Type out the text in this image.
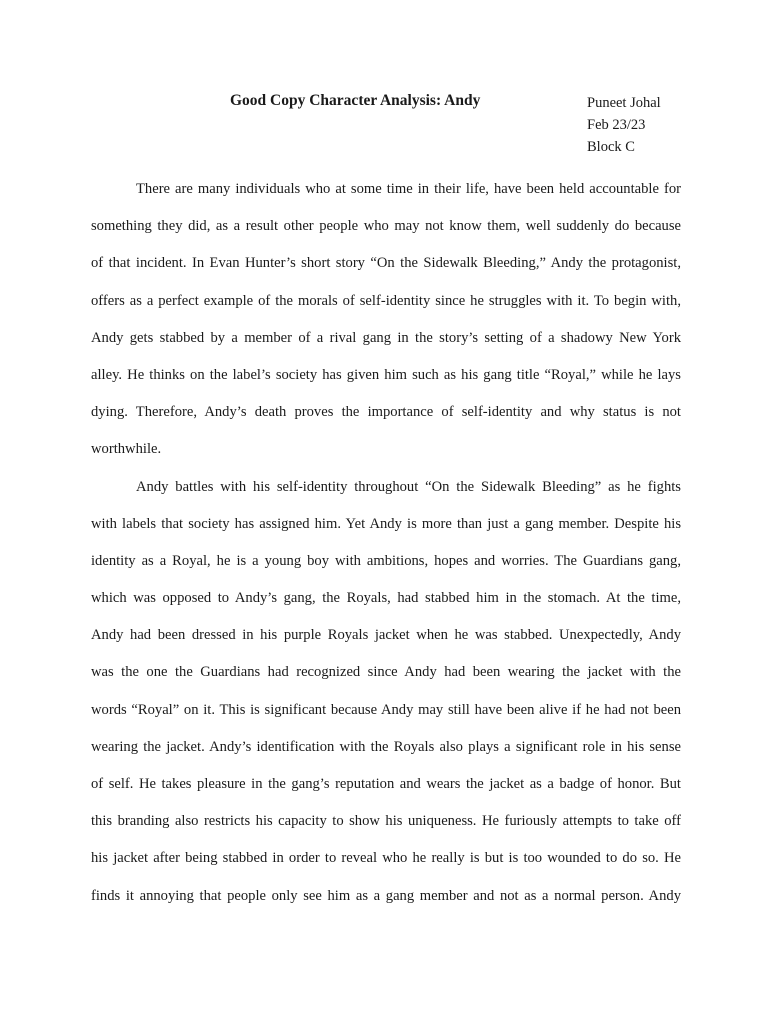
Good Copy Character Analysis: Andy	Puneet Johal
Feb 23/23
Block C
There are many individuals who at some time in their life, have been held accountable for
something they did, as a result other people who may not know them, well suddenly do because
of that incident. In Evan Hunter’s short story “On the Sidewalk Bleeding,” Andy the protagonist,
offers as a perfect example of the morals of self-identity since he struggles with it. To begin with,
Andy gets stabbed by a member of a rival gang in the story’s setting of a shadowy New York
alley. He thinks on the label’s society has given him such as his gang title “Royal,” while he lays
dying. Therefore, Andy’s death proves the importance of self-identity and why status is not
worthwhile.
Andy battles with his self-identity throughout “On the Sidewalk Bleeding” as he fights
with labels that society has assigned him. Yet Andy is more than just a gang member. Despite his
identity as a Royal, he is a young boy with ambitions, hopes and worries. The Guardians gang,
which was opposed to Andy’s gang, the Royals, had stabbed him in the stomach. At the time,
Andy had been dressed in his purple Royals jacket when he was stabbed. Unexpectedly, Andy
was the one the Guardians had recognized since Andy had been wearing the jacket with the
words “Royal” on it. This is significant because Andy may still have been alive if he had not been
wearing the jacket. Andy’s identification with the Royals also plays a significant role in his sense
of self. He takes pleasure in the gang’s reputation and wears the jacket as a badge of honor. But
this branding also restricts his capacity to show his uniqueness. He furiously attempts to take off
his jacket after being stabbed in order to reveal who he really is but is too wounded to do so. He
finds it annoying that people only see him as a gang member and not as a normal person. Andy
